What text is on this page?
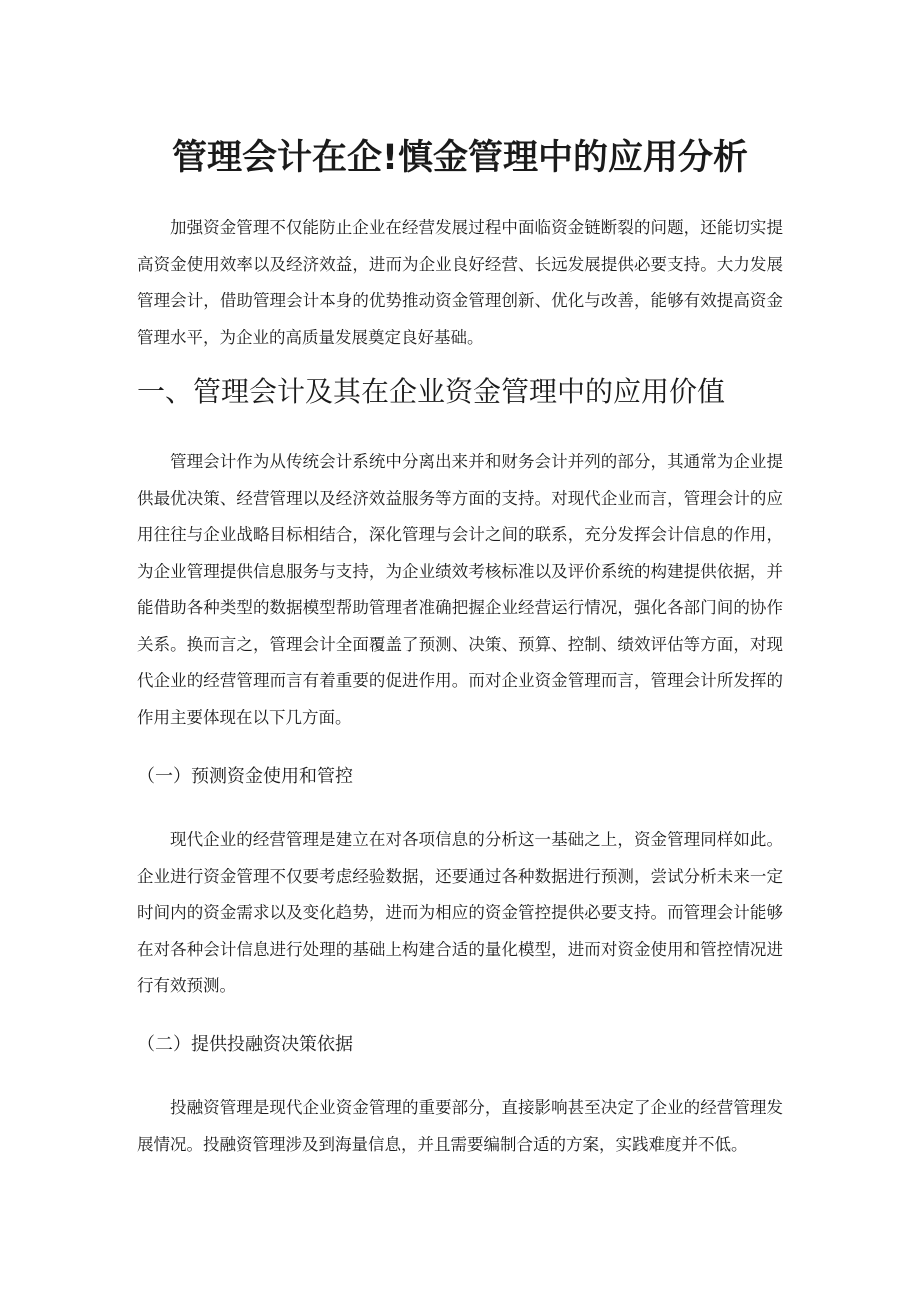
管理会计在企!慎金管理中的应用分析

加强资金管理不仅能防止企业在经营发展过程中面临资金链断裂的问题，还能切实提高资金使用效率以及经济效益，进而为企业良好经营、长远发展提供必要支持。大力发展管理会计，借助管理会计本身的优势推动资金管理创新、优化与改善，能够有效提高资金管理水平，为企业的高质量发展奠定良好基础。

一、管理会计及其在企业资金管理中的应用价值

管理会计作为从传统会计系统中分离出来并和财务会计并列的部分，其通常为企业提供最优决策、经营管理以及经济效益服务等方面的支持。对现代企业而言，管理会计的应用往往与企业战略目标相结合，深化管理与会计之间的联系，充分发挥会计信息的作用，为企业管理提供信息服务与支持，为企业绩效考核标准以及评价系统的构建提供依据，并能借助各种类型的数据模型帮助管理者准确把握企业经营运行情况，强化各部门间的协作关系。换而言之，管理会计全面覆盖了预测、决策、预算、控制、绩效评估等方面，对现代企业的经营管理而言有着重要的促进作用。而对企业资金管理而言，管理会计所发挥的作用主要体现在以下几方面。

（一）预测资金使用和管控

现代企业的经营管理是建立在对各项信息的分析这一基础之上，资金管理同样如此。企业进行资金管理不仅要考虑经验数据，还要通过各种数据进行预测，尝试分析未来一定时间内的资金需求以及变化趋势，进而为相应的资金管控提供必要支持。而管理会计能够在对各种会计信息进行处理的基础上构建合适的量化模型，进而对资金使用和管控情况进行有效预测。

（二）提供投融资决策依据

投融资管理是现代企业资金管理的重要部分，直接影响甚至决定了企业的经营管理发展情况。投融资管理涉及到海量信息，并且需要编制合适的方案，实践难度并不低。
